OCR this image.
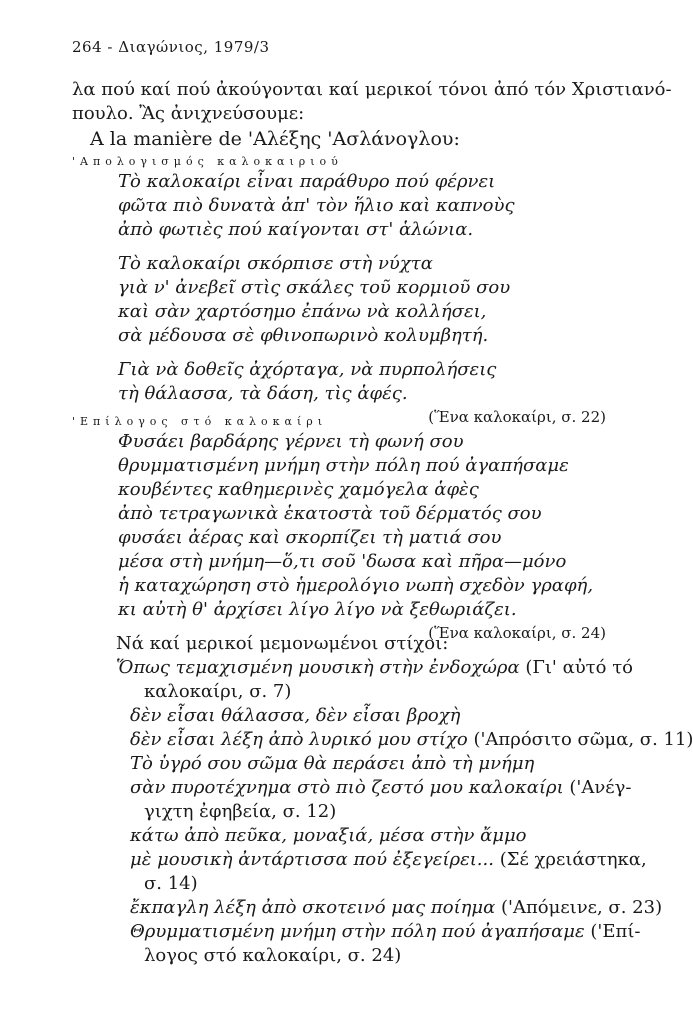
264 - Διαγώνιος, 1979/3
λα πού καί πού ἀκούγονται καί μερικοί τόνοι ἀπό τόν Χριστιανό-
πουλο. Ἂς ἀνιχνεύσουμε:
A la manière de 'Αλέξης 'Ασλάνογλου:
'Απολογισμός καλοκαιριού
Τὸ καλοκαίρι εἶναι παράθυρο πού φέρνει
φῶτα πιὸ δυνατὰ ἀπ' τὸν ἥλιο καὶ καπνοὺς
ἀπὸ φωτιὲς πού καίγονται στ' ἁλώνια.
Τὸ καλοκαίρι σκόρπισε στὴ νύχτα
γιὰ ν' ἀνεβεῖ στὶς σκάλες τοῦ κορμιοῦ σου
καὶ σὰν χαρτόσημο ἐπάνω νὰ κολλήσει,
σὰ μέδουσα σὲ φθινοπωρινὸ κολυμβητή.
Γιὰ νὰ δοθεῖς ἀχόρταγα, νὰ πυρπολήσεις
τὴ θάλασσα, τὰ δάση, τὶς ἁφές.
(Ἕνα καλοκαίρι, σ. 22)
'Επίλογος στό καλοκαίρι
Φυσάει βαρδάρης γέρνει τὴ φωνή σου
θρυμματισμένη μνήμη στὴν πόλη πού ἀγαπήσαμε
κουβέντες καθημερινὲς χαμόγελα ἁφὲς
ἀπὸ τετραγωνικὰ ἑκατοστὰ τοῦ δέρματός σου
φυσάει ἀέρας καὶ σκορπίζει τὴ ματιά σου
μέσα στὴ μνήμη—ὅ,τι σοῦ 'δωσα καὶ πῆρα—μόνο
ἡ καταχώρηση στὸ ἡμερολόγιο νωπὴ σχεδὸν γραφή,
κι αὐτὴ θ' ἀρχίσει λίγο λίγο νὰ ξεθωριάζει.
(Ἕνα καλοκαίρι, σ. 24)
Νά καί μερικοί μεμονωμένοι στίχοι:
Ὅπως τεμαχισμένη μουσικὴ στὴν ἐνδοχώρα (Γι' αὐτό τό
καλοκαίρι, σ. 7)
δὲν εἶσαι θάλασσα, δὲν εἶσαι βροχὴ
δὲν εἶσαι λέξη ἀπὸ λυρικό μου στίχο ('Απρόσιτο σῶμα, σ. 11)
Τὸ ὑγρό σου σῶμα θὰ περάσει ἀπὸ τὴ μνήμη
σὰν πυροτέχνημα στὸ πιὸ ζεστό μου καλοκαίρι ('Ανέγ-
γιχτη ἐφηβεία, σ. 12)
κάτω ἀπὸ πεῦκα, μοναξιά, μέσα στὴν ἄμμο
μὲ μουσικὴ ἀντάρτισσα πού ἐξεγείρει... (Σέ χρειάστηκα,
σ. 14)
ἔκπαγλη λέξη ἀπὸ σκοτεινό μας ποίημα ('Απόμεινε, σ. 23)
Θρυμματισμένη μνήμη στὴν πόλη πού ἀγαπήσαμε ('Επί-
λογος στό καλοκαίρι, σ. 24)
